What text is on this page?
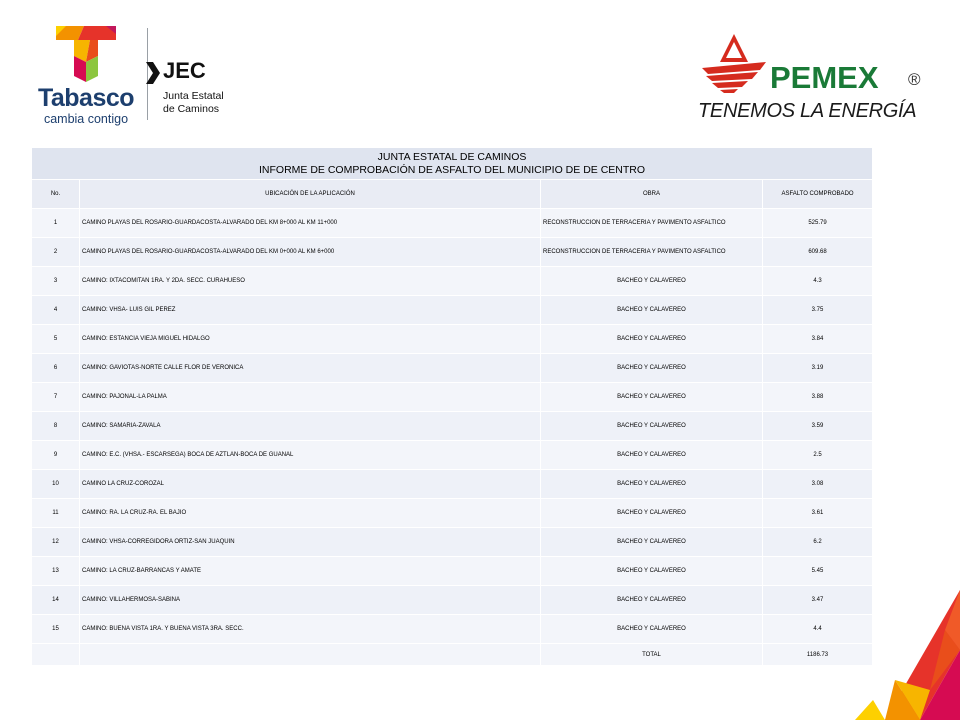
Tabasco
cambia contigo
JEC
Junta Estatal
de Caminos
PEMEX ®
TENEMOS LA ENERGÍA
JUNTA ESTATAL DE CAMINOS
INFORME DE COMPROBACIÓN DE ASFALTO DEL MUNICIPIO DE DE CENTRO			

No.	UBICACIÓN DE LA APLICACIÓN	OBRA	ASFALTO COMPROBADO
1	CAMINO PLAYAS DEL ROSARIO-GUARDACOSTA-ALVARADO DEL KM 8+000 AL KM 11+000	RECONSTRUCCION DE TERRACERIA Y PAVIMENTO ASFALTICO	525.79
2	CAMINO PLAYAS DEL ROSARIO-GUARDACOSTA-ALVARADO DEL KM 0+000 AL KM 6+000	RECONSTRUCCION DE TERRACERIA Y PAVIMENTO ASFALTICO	609.68
3	CAMINO: IXTACOMITAN 1RA. Y 2DA. SECC. CURAHUESO	BACHEO Y CALAVEREO	4.3
4	CAMINO: VHSA- LUIS GIL PEREZ	BACHEO Y CALAVEREO	3.75
5	CAMINO: ESTANCIA VIEJA MIGUEL HIDALGO	BACHEO Y CALAVEREO	3.84
6	CAMINO: GAVIOTAS-NORTE CALLE FLOR DE VERONICA	BACHEO Y CALAVEREO	3.19
7	CAMINO: PAJONAL-LA PALMA	BACHEO Y CALAVEREO	3.88
8	CAMINO: SAMARIA-ZAVALA	BACHEO Y CALAVEREO	3.59
9	CAMINO: E.C. (VHSA.- ESCARSEGA) BOCA DE AZTLAN-BOCA DE GUANAL	BACHEO Y CALAVEREO	2.5
10	CAMINO LA CRUZ-COROZAL	BACHEO Y CALAVEREO	3.08
11	CAMINO: RA. LA CRUZ-RA. EL BAJIO	BACHEO Y CALAVEREO	3.61
12	CAMINO: VHSA-CORREGIDORA ORTIZ-SAN JUAQUIN	BACHEO Y CALAVEREO	6.2
13	CAMINO: LA CRUZ-BARRANCAS Y AMATE	BACHEO Y CALAVEREO	5.45
14	CAMINO: VILLAHERMOSA-SABINA	BACHEO Y CALAVEREO	3.47
15	CAMINO: BUENA VISTA 1RA. Y BUENA VISTA 3RA. SECC.	BACHEO Y CALAVEREO	4.4
		TOTAL	1186.73
